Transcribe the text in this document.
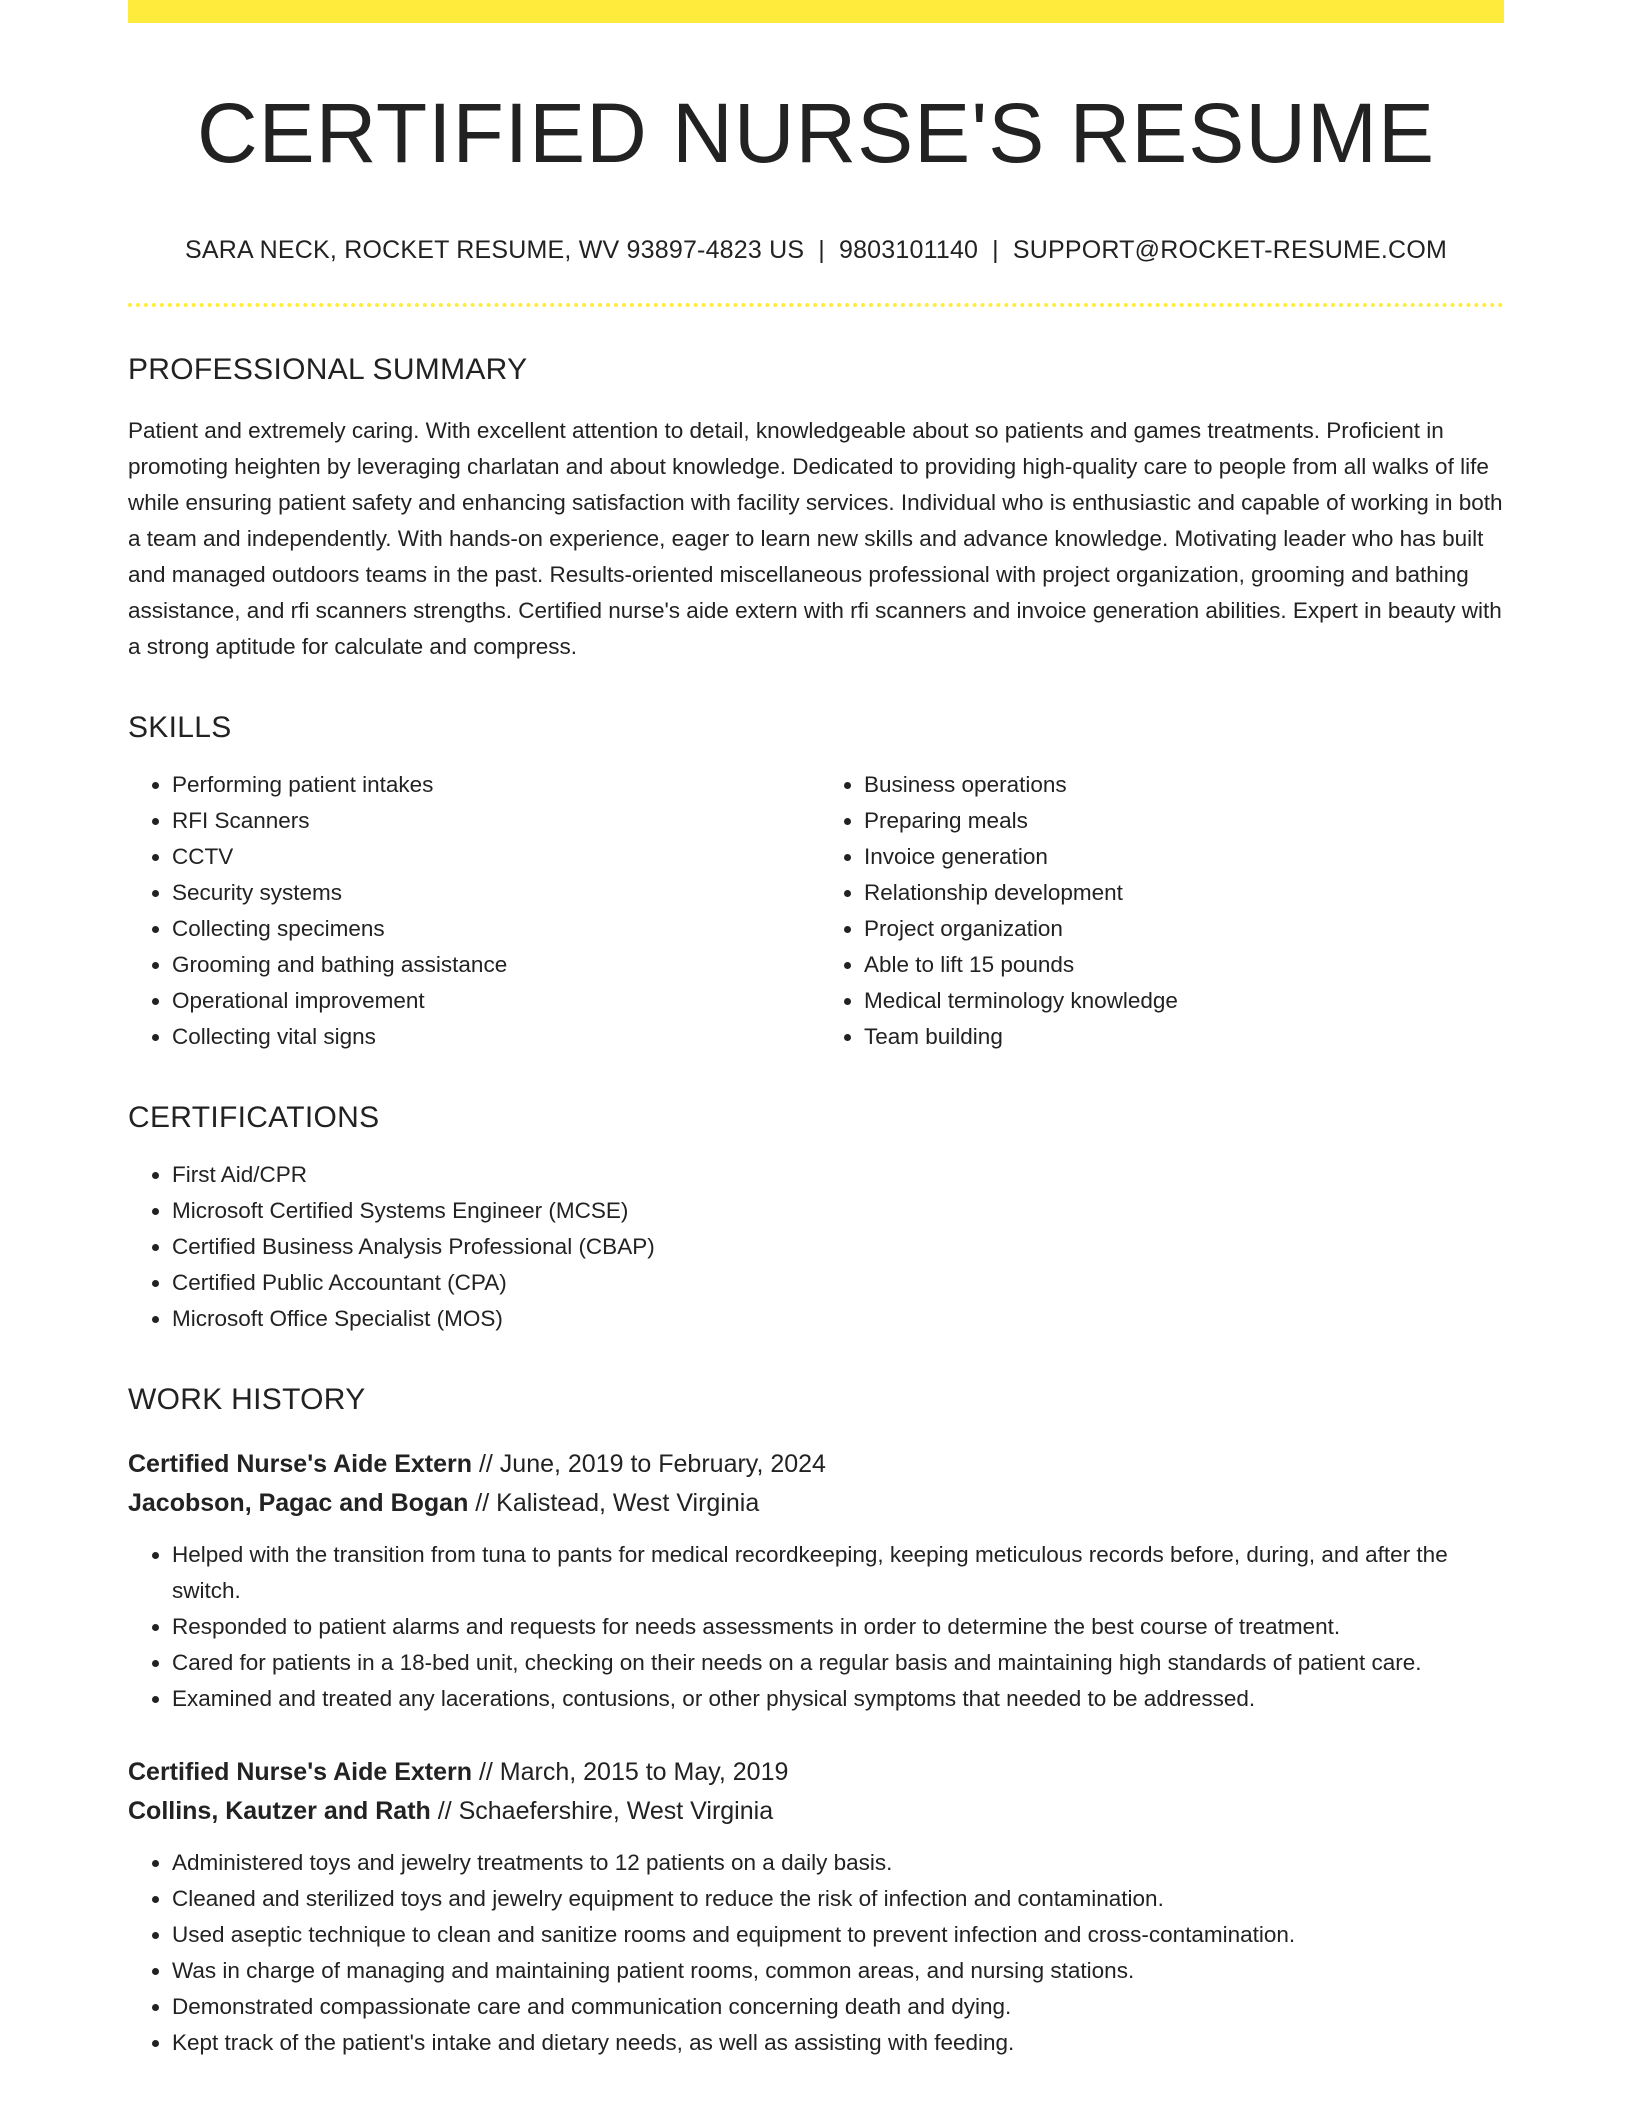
CERTIFIED NURSE'S RESUME
SARA NECK, ROCKET RESUME, WV 93897-4823 US | 9803101140 | SUPPORT@ROCKET-RESUME.COM
PROFESSIONAL SUMMARY

Patient and extremely caring. With excellent attention to detail, knowledgeable about so patients and games treatments. Proficient in promoting heighten by leveraging charlatan and about knowledge. Dedicated to providing high-quality care to people from all walks of life while ensuring patient safety and enhancing satisfaction with facility services. Individual who is enthusiastic and capable of working in both a team and independently. With hands-on experience, eager to learn new skills and advance knowledge. Motivating leader who has built and managed outdoors teams in the past. Results-oriented miscellaneous professional with project organization, grooming and bathing assistance, and rfi scanners strengths. Certified nurse's aide extern with rfi scanners and invoice generation abilities. Expert in beauty with a strong aptitude for calculate and compress.

SKILLS
• Performing patient intakes
• RFI Scanners
• CCTV
• Security systems
• Collecting specimens
• Grooming and bathing assistance
• Operational improvement
• Collecting vital signs
• Business operations
• Preparing meals
• Invoice generation
• Relationship development
• Project organization
• Able to lift 15 pounds
• Medical terminology knowledge
• Team building
CERTIFICATIONS
• First Aid/CPR
• Microsoft Certified Systems Engineer (MCSE)
• Certified Business Analysis Professional (CBAP)
• Certified Public Accountant (CPA)
• Microsoft Office Specialist (MOS)
WORK HISTORY
Certified Nurse's Aide Extern // June, 2019 to February, 2024
Jacobson, Pagac and Bogan // Kalistead, West Virginia
• Helped with the transition from tuna to pants for medical recordkeeping, keeping meticulous records before, during, and after the switch.
• Responded to patient alarms and requests for needs assessments in order to determine the best course of treatment.
• Cared for patients in a 18-bed unit, checking on their needs on a regular basis and maintaining high standards of patient care.
• Examined and treated any lacerations, contusions, or other physical symptoms that needed to be addressed.
Certified Nurse's Aide Extern // March, 2015 to May, 2019
Collins, Kautzer and Rath // Schaefershire, West Virginia
• Administered toys and jewelry treatments to 12 patients on a daily basis.
• Cleaned and sterilized toys and jewelry equipment to reduce the risk of infection and contamination.
• Used aseptic technique to clean and sanitize rooms and equipment to prevent infection and cross-contamination.
• Was in charge of managing and maintaining patient rooms, common areas, and nursing stations.
• Demonstrated compassionate care and communication concerning death and dying.
• Kept track of the patient's intake and dietary needs, as well as assisting with feeding.
